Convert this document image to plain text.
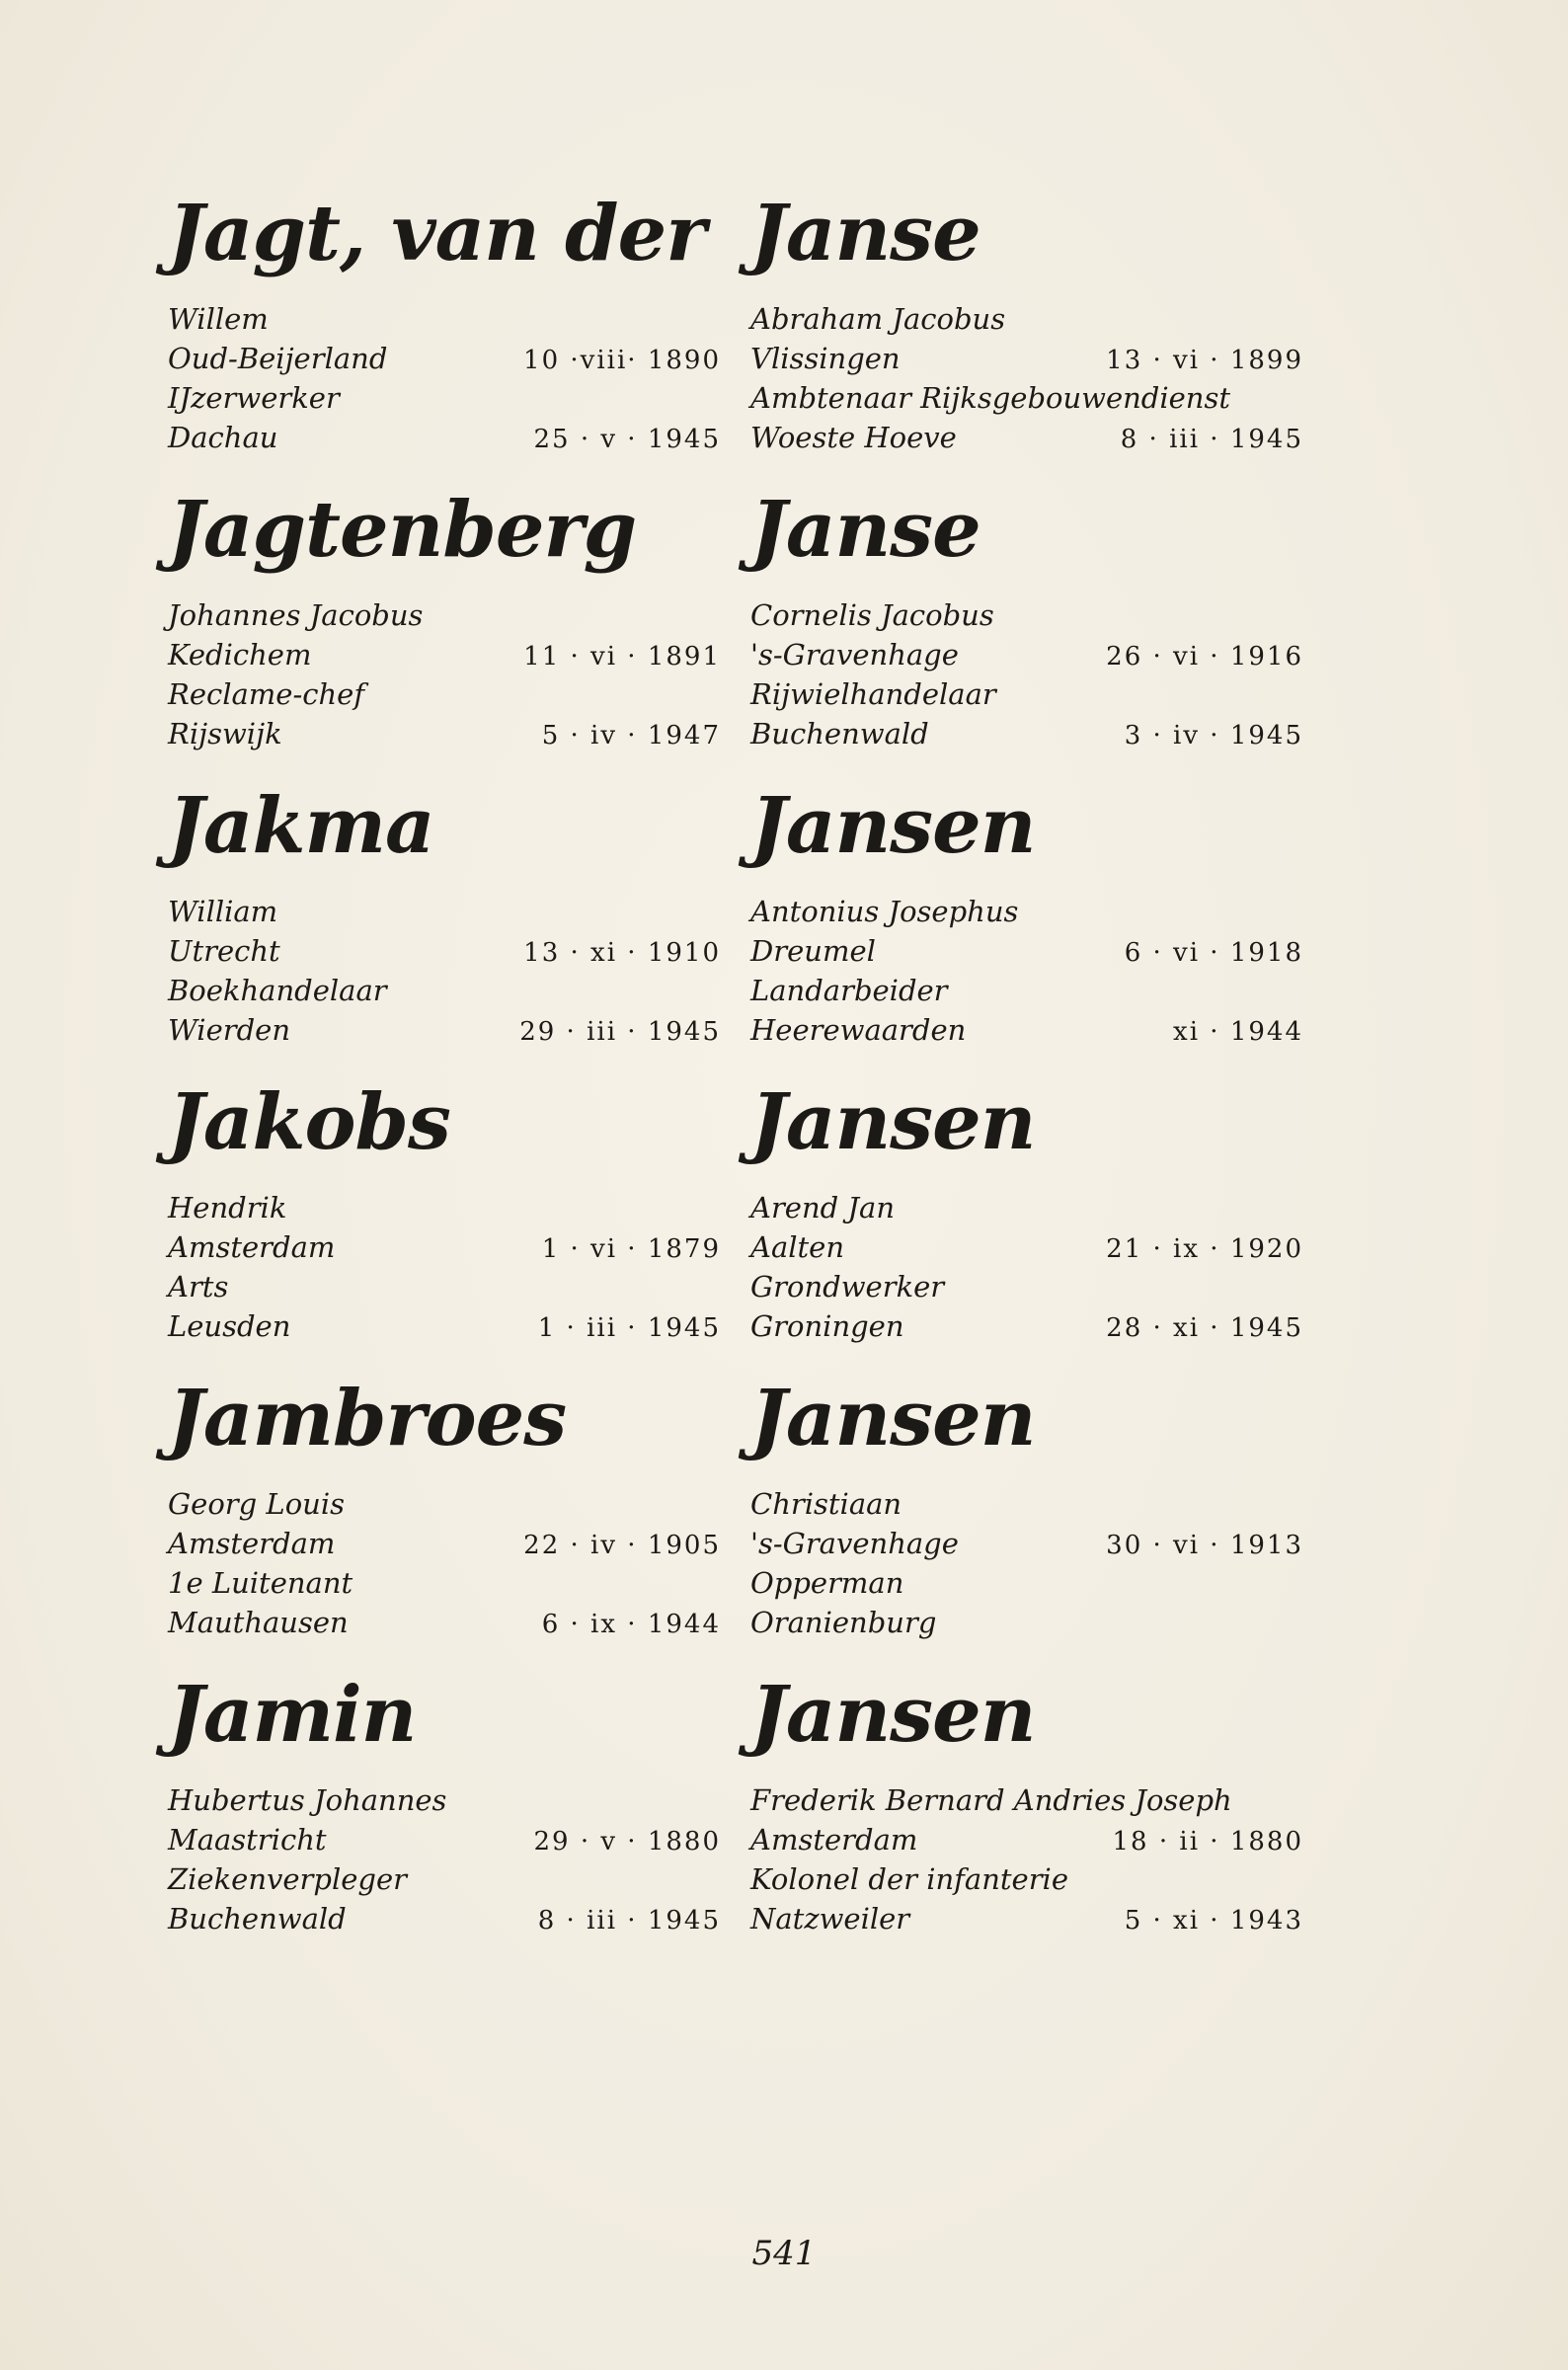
Jagt, van der
Willem
Oud-Beijerland	10 ·viii· 1890
IJzerwerker
Dachau	25 · v · 1945
Jagtenberg
Johannes Jacobus
Kedichem	11 · vi · 1891
Reclame-chef
Rijswijk	5 · iv · 1947
Jakma
William
Utrecht	13 · xi · 1910
Boekhandelaar
Wierden	29 · iii · 1945
Jakobs
Hendrik
Amsterdam	1 · vi · 1879
Arts
Leusden	1 · iii · 1945
Jambroes
Georg Louis
Amsterdam	22 · iv · 1905
1e Luitenant
Mauthausen	6 · ix · 1944
Jamin
Hubertus Johannes
Maastricht	29 · v · 1880
Ziekenverpleger
Buchenwald	8 · iii · 1945
Janse
Abraham Jacobus
Vlissingen	13 · vi · 1899
Ambtenaar Rijksgebouwendienst
Woeste Hoeve	8 · iii · 1945
Janse
Cornelis Jacobus
's-Gravenhage	26 · vi · 1916
Rijwielhandelaar
Buchenwald	3 · iv · 1945
Jansen
Antonius Josephus
Dreumel	6 · vi · 1918
Landarbeider
Heerewaarden	xi · 1944
Jansen
Arend Jan
Aalten	21 · ix · 1920
Grondwerker
Groningen	28 · xi · 1945
Jansen
Christiaan
's-Gravenhage	30 · vi · 1913
Opperman
Oranienburg
Jansen
Frederik Bernard Andries Joseph
Amsterdam	18 · ii · 1880
Kolonel der infanterie
Natzweiler	5 · xi · 1943
541
